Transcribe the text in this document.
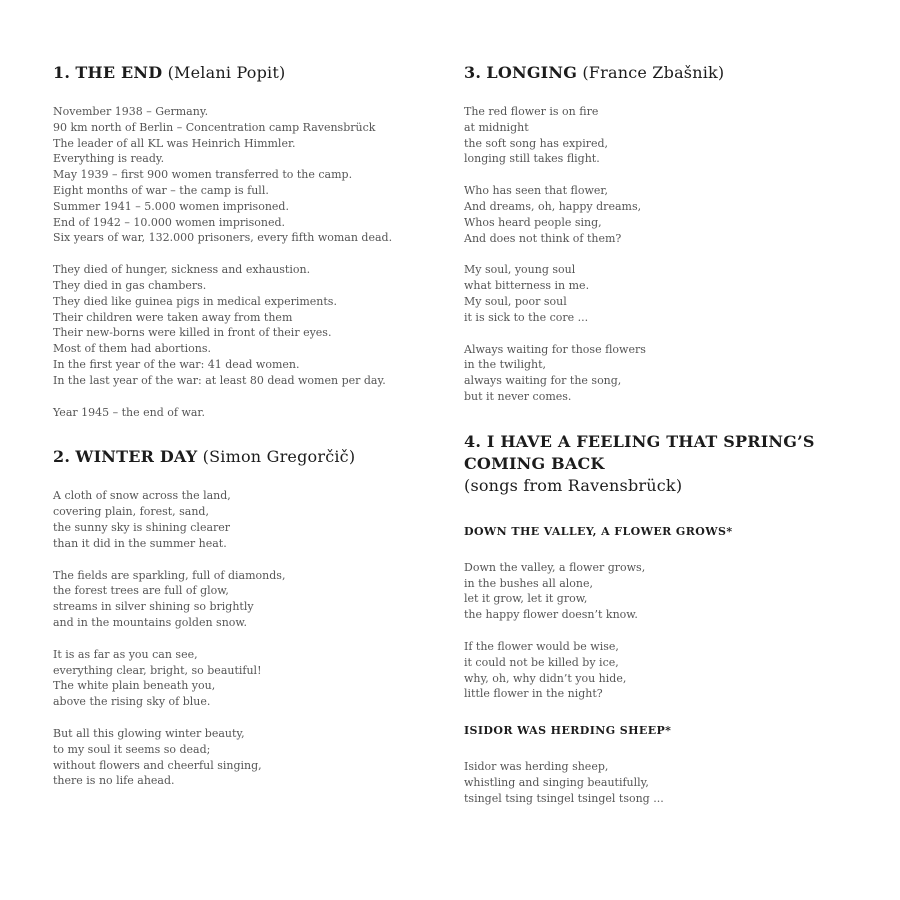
1. THE END (Melani Popit)
November 1938 – Germany.
90 km north of Berlin – Concentration camp Ravensbrück
The leader of all KL was Heinrich Himmler.
Everything is ready.
May 1939 – first 900 women transferred to the camp.
Eight months of war – the camp is full.
Summer 1941 – 5.000 women imprisoned.
End of 1942 – 10.000 women imprisoned.
Six years of war, 132.000 prisoners, every fifth woman dead.
They died of hunger, sickness and exhaustion.
They died in gas chambers.
They died like guinea pigs in medical experiments.
Their children were taken away from them
Their new-borns were killed in front of their eyes.
Most of them had abortions.
In the first year of the war: 41 dead women.
In the last year of the war: at least 80 dead women per day.
Year 1945 – the end of war.
2. WINTER DAY (Simon Gregorčič)
A cloth of snow across the land,
covering plain, forest, sand,
the sunny sky is shining clearer
than it did in the summer heat.
The fields are sparkling, full of diamonds,
the forest trees are full of glow,
streams in silver shining so brightly
and in the mountains golden snow.
It is as far as you can see,
everything clear, bright, so beautiful!
The white plain beneath you,
above the rising sky of blue.
But all this glowing winter beauty,
to my soul it seems so dead;
without flowers and cheerful singing,
there is no life ahead.
3. LONGING (France Zbašnik)
The red flower is on fire
at midnight
the soft song has expired,
longing still takes flight.
Who has seen that flower,
And dreams, oh, happy dreams,
Whos heard people sing,
And does not think of them?
My soul, young soul
what bitterness in me.
My soul, poor soul
it is sick to the core ...
Always waiting for those flowers
in the twilight,
always waiting for the song,
but it never comes.
4. I HAVE A FEELING THAT SPRING’S
COMING BACK
(songs from Ravensbrück)
DOWN THE VALLEY, A FLOWER GROWS*
Down the valley, a flower grows,
in the bushes all alone,
let it grow, let it grow,
the happy flower doesn’t know.
If the flower would be wise,
it could not be killed by ice,
why, oh, why didn’t you hide,
little flower in the night?
ISIDOR WAS HERDING SHEEP*
Isidor was herding sheep,
whistling and singing beautifully,
tsingel tsing tsingel tsingel tsong ...
